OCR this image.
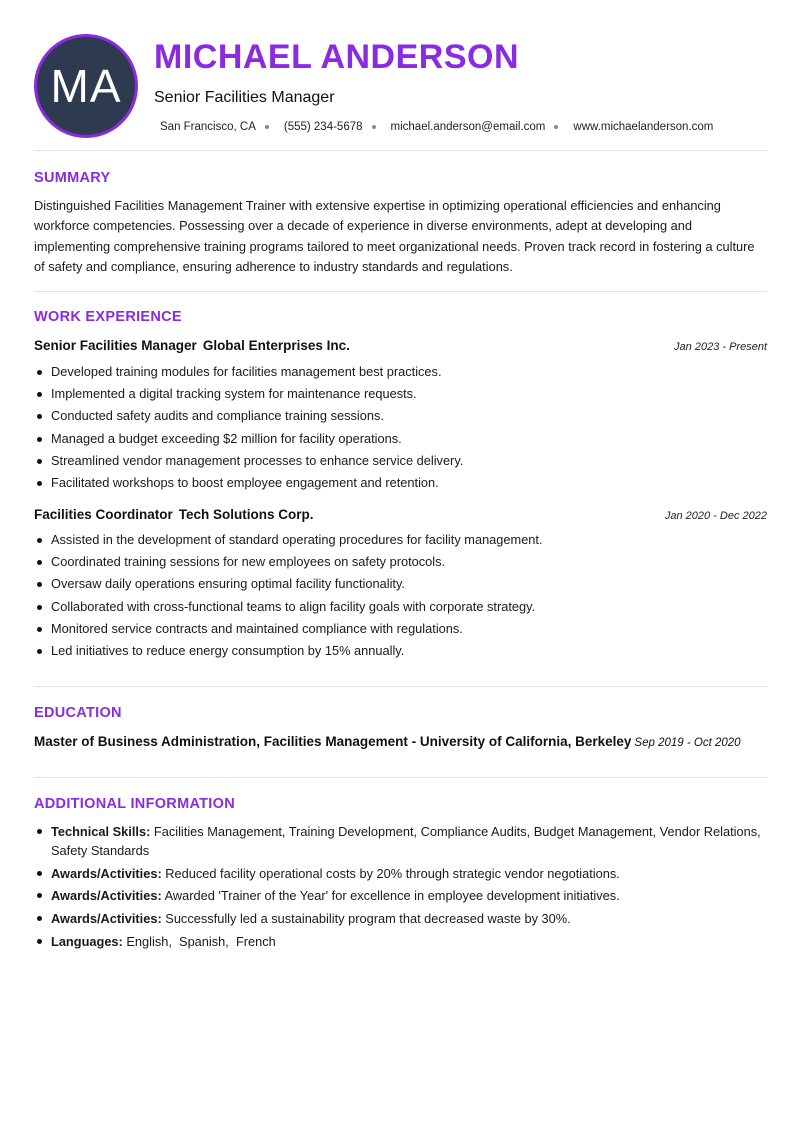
MA
MICHAEL ANDERSON
Senior Facilities Manager
San Francisco, CA (555) 234-5678 michael.anderson@email.com www.michaelanderson.com
SUMMARY
Distinguished Facilities Management Trainer with extensive expertise in optimizing operational efficiencies and enhancing workforce competencies. Possessing over a decade of experience in diverse environments, adept at developing and implementing comprehensive training programs tailored to meet organizational needs. Proven track record in fostering a culture of safety and compliance, ensuring adherence to industry standards and regulations.
WORK EXPERIENCE
Senior Facilities Manager Global Enterprises Inc.	Jan 2023 - Present
Developed training modules for facilities management best practices.
Implemented a digital tracking system for maintenance requests.
Conducted safety audits and compliance training sessions.
Managed a budget exceeding $2 million for facility operations.
Streamlined vendor management processes to enhance service delivery.
Facilitated workshops to boost employee engagement and retention.
Facilities Coordinator Tech Solutions Corp.	Jan 2020 - Dec 2022
Assisted in the development of standard operating procedures for facility management.
Coordinated training sessions for new employees on safety protocols.
Oversaw daily operations ensuring optimal facility functionality.
Collaborated with cross-functional teams to align facility goals with corporate strategy.
Monitored service contracts and maintained compliance with regulations.
Led initiatives to reduce energy consumption by 15% annually.
EDUCATION
Master of Business Administration, Facilities Management - University of California, Berkeley Sep 2019 - Oct 2020
ADDITIONAL INFORMATION
Technical Skills: Facilities Management, Training Development, Compliance Audits, Budget Management, Vendor Relations, Safety Standards
Awards/Activities: Reduced facility operational costs by 20% through strategic vendor negotiations.
Awards/Activities: Awarded 'Trainer of the Year' for excellence in employee development initiatives.
Awards/Activities: Successfully led a sustainability program that decreased waste by 30%.
Languages: English,  Spanish,  French
